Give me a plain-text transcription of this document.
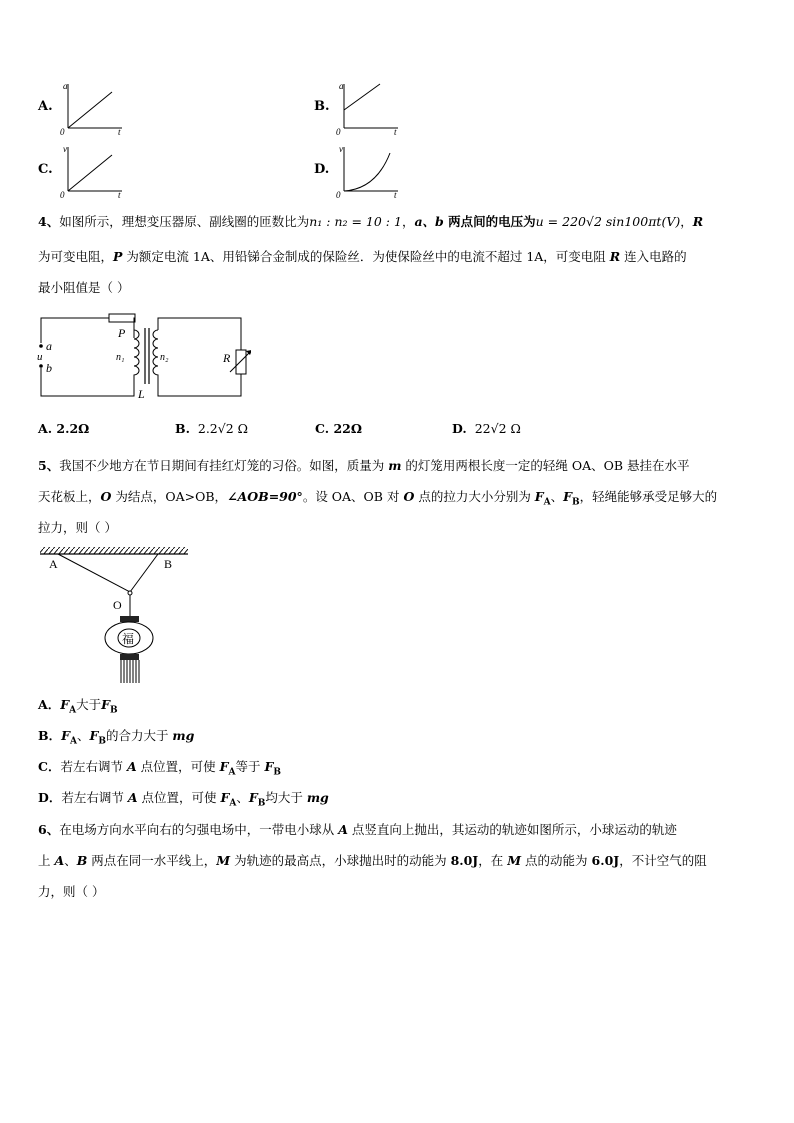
A.
a
t
0
B.
a
t
0
C.
v
t
0
D.
v
t
0
4、如图所示，理想变压器原、副线圈的匝数比为n₁ : n₂ = 10 : 1，a、b 两点间的电压为u = 220√2 sin100πt(V)，R
为可变电阻，P 为额定电流 1A、用铅锑合金制成的保险丝．为使保险丝中的电流不超过 1A，可变电阻 R 连入电路的
最小阻值是（ ）
P
a
u
b
n₁	n₂
L
R
A. 2.2Ω	B. 2.2√2 Ω	C. 22Ω	D. 22√2 Ω
5、我国不少地方在节日期间有挂红灯笼的习俗。如图，质量为 m 的灯笼用两根长度一定的轻绳 OA、OB 悬挂在水平
天花板上，O 为结点，OA>OB，∠AOB=90°。设 OA、OB 对 O 点的拉力大小分别为 $F_A$、$F_B$，轻绳能够承受足够大的
拉力，则（ ）
福
A	B
O
A．$F_A$大于$F_B$
B．$F_A$、$F_B$的合力大于 mg
C．若左右调节 A 点位置，可使 $F_A$等于 $F_B$
D．若左右调节 A 点位置，可使 $F_A$、$F_B$均大于 mg
6、在电场方向水平向右的匀强电场中，一带电小球从 A 点竖直向上抛出，其运动的轨迹如图所示，小球运动的轨迹
上 A、B 两点在同一水平线上，M 为轨迹的最高点，小球抛出时的动能为 8.0J，在 M 点的动能为 6.0J，不计空气的阻
力，则（ ）
